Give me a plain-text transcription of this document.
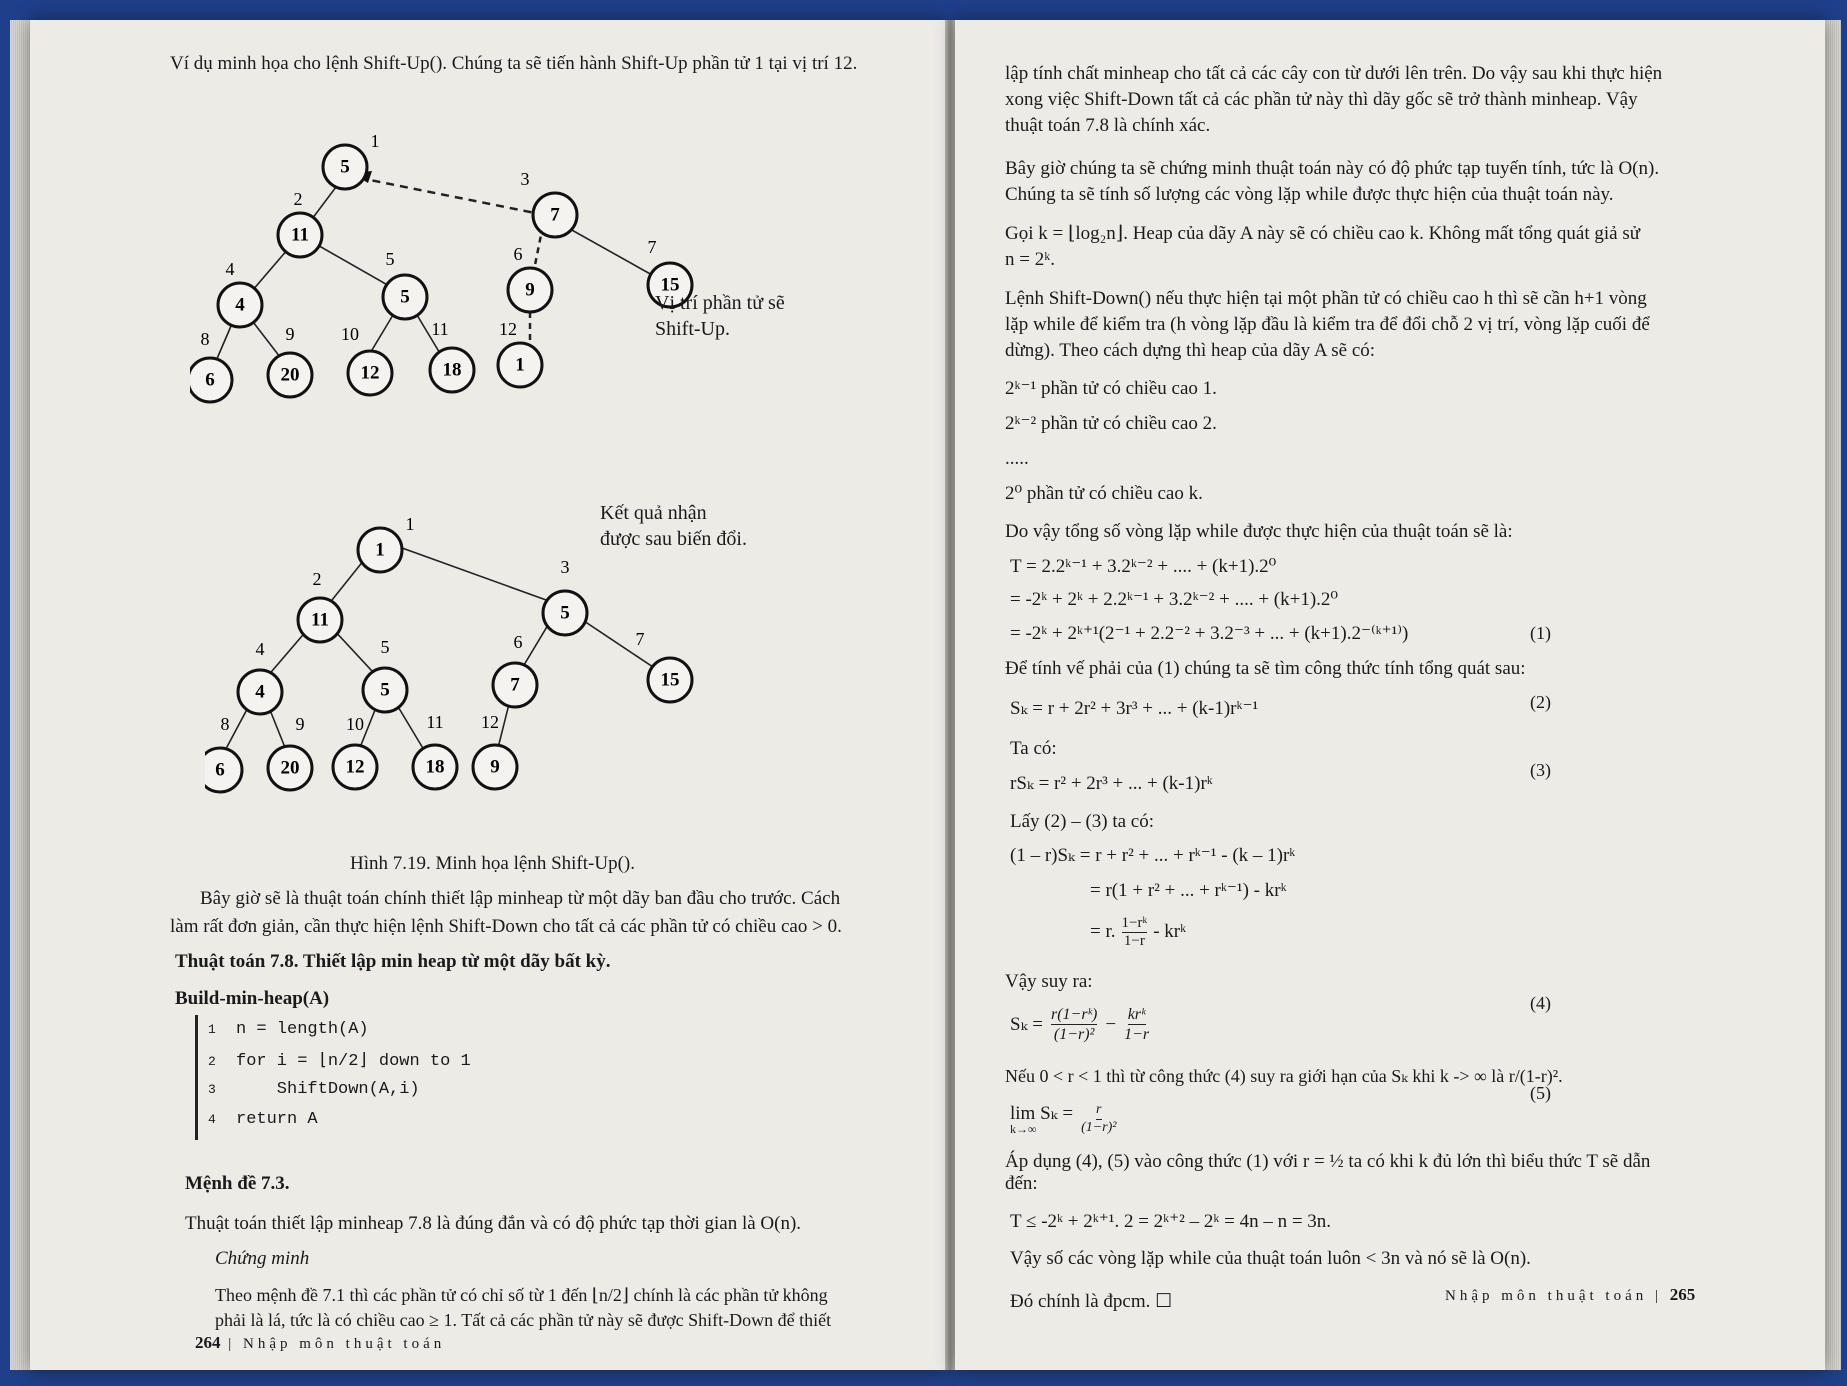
Ví dụ minh họa cho lệnh Shift-Up(). Chúng ta sẽ tiến hành Shift-Up phần tử 1 tại vị trí 12.
1
2
3
4	5	6	7
8	9	10	11	12
5
11
7
4	5	9	15
6	20	12	18	1
Vị trí phần tử sẽ Shift-Up.
1
2
3
4	5	6	7
8	9 10	11 12
1
11	5
4	5	7	15
6	20 12	18 9
Kết quả nhận
được sau biến đổi.
Hình 7.19. Minh họa lệnh Shift-Up().
Bây giờ sẽ là thuật toán chính thiết lập minheap từ một dãy ban đầu cho trước. Cách
làm rất đơn giản, cần thực hiện lệnh Shift-Down cho tất cả các phần tử có chiều cao > 0.
Thuật toán 7.8. Thiết lập min heap từ một dãy bất kỳ.
Build-min-heap(A)
1 n = length(A)
2 for i = ⌊n/2⌋ down to 1
3    ShiftDown(A,i)
4 return A
Mệnh đề 7.3.
Thuật toán thiết lập minheap 7.8 là đúng đắn và có độ phức tạp thời gian là O(n).
Chứng minh
Theo mệnh đề 7.1 thì các phần tử có chỉ số từ 1 đến ⌊n/2⌋ chính là các phần tử không
phải là lá, tức là có chiều cao ≥ 1. Tất cả các phần tử này sẽ được Shift-Down để thiết
264 | Nhập môn thuật toán
lập tính chất minheap cho tất cả các cây con từ dưới lên trên. Do vậy sau khi thực hiện
xong việc Shift-Down tất cả các phần tử này thì dãy gốc sẽ trở thành minheap. Vậy
thuật toán 7.8 là chính xác.
Bây giờ chúng ta sẽ chứng minh thuật toán này có độ phức tạp tuyến tính, tức là O(n).
Chúng ta sẽ tính số lượng các vòng lặp while được thực hiện của thuật toán này.
Gọi k = ⌊log₂n⌋. Heap của dãy A này sẽ có chiều cao k. Không mất tổng quát giả sử
n = 2ᵏ.
Lệnh Shift-Down() nếu thực hiện tại một phần tử có chiều cao h thì sẽ cần h+1 vòng
lặp while để kiểm tra (h vòng lặp đầu là kiểm tra để đổi chỗ 2 vị trí, vòng lặp cuối để
dừng). Theo cách dựng thì heap của dãy A sẽ có:
2ᵏ⁻¹ phần tử có chiều cao 1.
2ᵏ⁻² phần tử có chiều cao 2.
.....
2⁰ phần tử có chiều cao k.
Do vậy tổng số vòng lặp while được thực hiện của thuật toán sẽ là:
T = 2.2ᵏ⁻¹ + 3.2ᵏ⁻² + .... + (k+1).2⁰
= -2ᵏ + 2ᵏ + 2.2ᵏ⁻¹ + 3.2ᵏ⁻² + .... + (k+1).2⁰
= -2ᵏ + 2ᵏ⁺¹(2⁻¹ + 2.2⁻² + 3.2⁻³ + ... + (k+1).2⁻⁽ᵏ⁺¹⁾)	(1)
Để tính vế phải của (1) chúng ta sẽ tìm công thức tính tổng quát sau:
Sₖ = r + 2r² + 3r³ + ... + (k-1)rᵏ⁻¹	(2)
Ta có:
rSₖ = r² + 2r³ + ... + (k-1)rᵏ
(3)
Lấy (2) – (3) ta có:
(1 – r)Sₖ = r + r² + ... + rᵏ⁻¹ - (k – 1)rᵏ
= r(1 + r² + ... + rᵏ⁻¹) - krᵏ
= r. 1−rᵏ
1−r - krᵏ
Vậy suy ra:
(4)
$S_k = \frac{\text{r(1−rᵏ)}}{\text{(1−r)²}}$ − krᵏ
1−r
Nếu 0 < r < 1 thì từ công thức (4) suy ra giới hạn của Sₖ khi k -> ∞ là r/(1-r)².
(5)
lim Sₖ =
k→∞
r
(1−r)²
Áp dụng (4), (5) vào công thức (1) với r = ½ ta có khi k đủ lớn thì biểu thức T sẽ dẫn
đến:
T ≤ -2ᵏ + 2ᵏ⁺¹. 2 = 2ᵏ⁺² – 2ᵏ = 4n – n = 3n.
Vậy số các vòng lặp while của thuật toán luôn < 3n và nó sẽ là O(n).
Đó chính là đpcm. ☐	Nhập môn thuật toán | 265
